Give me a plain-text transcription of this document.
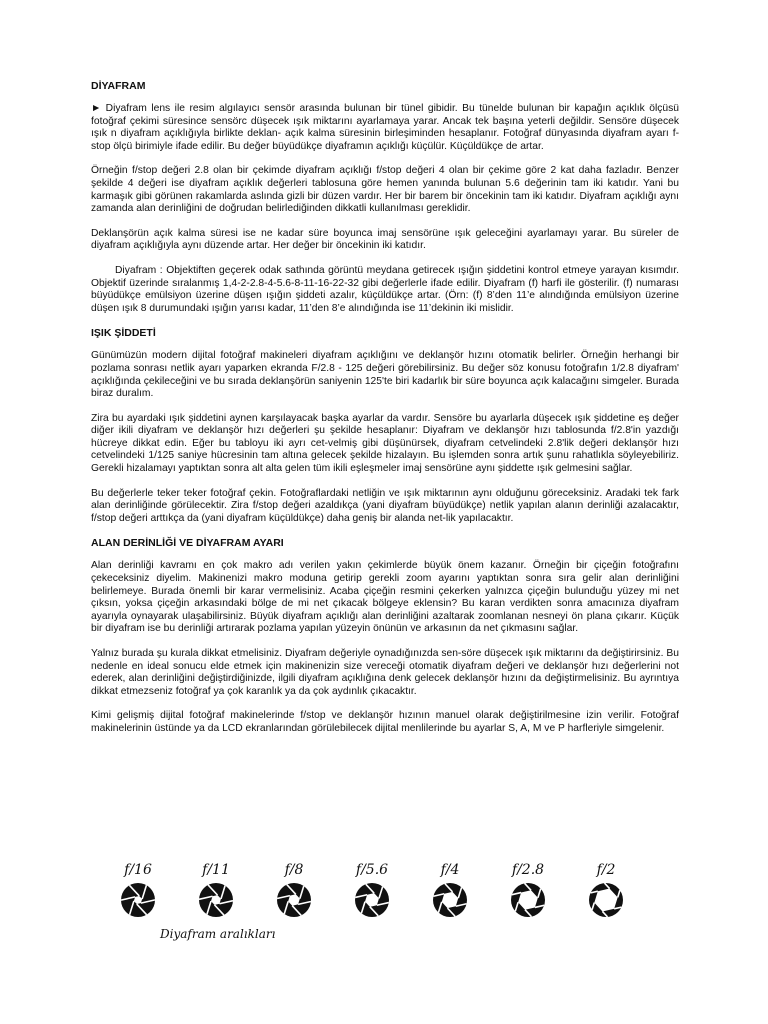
DİYAFRAM

► Diyafram lens ile resim algılayıcı sensör arasında bulunan bir tünel gibidir. Bu tünelde bulunan bir kapağın açıklık ölçüsü fotoğraf çekimi süresince sensörc düşecek ışık miktarını ayarlamaya yarar. Ancak tek başına yeterli değildir. Sensöre düşecek ışık n diyafram açıklığıyla birlikte deklan- açık kalma süresinin birleşiminden hesaplanır. Fotoğraf dünyasında diyafram ayarı f-stop ölçü birimiyle ifade edilir. Bu değer büyüdükçe diyaframın açıklığı küçülür. Küçüldükçe de artar.

Örneğin f/stop değeri 2.8 olan bir çekimde diyafram açıklığı f/stop değeri 4 olan bir çekime göre 2 kat daha fazladır. Benzer şekilde 4 değeri ise diyafram açıklık değerleri tablosuna göre hemen yanında bulunan 5.6 değerinin tam iki katıdır. Yani bu karmaşık gibi görünen rakamlarda aslında gizli bir düzen vardır. Her bir barem bir öncekinin tam iki katıdır. Diyafram açıklığı aynı zamanda alan derinliğini de doğrudan belirlediğinden dikkatli kullanılması gereklidir.

Deklanşörün açık kalma süresi ise ne kadar süre boyunca imaj sensörüne ışık geleceğini ayarlamayı yarar. Bu süreler de diyafram açıklığıyla aynı düzende artar. Her değer bir öncekinin iki katıdır.

Diyafram : Objektiften geçerek odak sathında görüntü meydana getirecek ışığın şiddetini kontrol etmeye yarayan kısımdır. Objektif üzerinde sıralanmış 1,4-2-2.8-4-5.6-8-11-16-22-32 gibi değerlerle ifade edilir. Diyafram (f) harfi ile gösterilir. (f) numarası büyüdükçe emülsiyon üzerine düşen ışığın şiddeti azalır, küçüldükçe artar. (Örn: (f) 8’den 11’e alındığında emülsiyon üzerine düşen ışık 8 durumundaki ışığın yarısı kadar, 11’den 8’e alındığında ise 11’dekinin iki mislidir.

IŞIK ŞİDDETİ

Günümüzün modern dijital fotoğraf makineleri diyafram açıklığını ve deklanşör hızını otomatik belirler. Örneğin herhangi bir pozlama sonrası netlik ayarı yaparken ekranda F/2.8 - 125 değeri görebilirsiniz. Bu değer söz konusu fotoğrafın 1/2.8 diyafram' açıklığında çekileceğini ve bu sırada deklanşörün saniyenin 125'te biri kadarlık bir süre boyunca açık kalacağını simgeler. Burada biraz duralım.

Zira bu ayardaki ışık şiddetini aynen karşılayacak başka ayarlar da vardır. Sensöre bu ayarlarla düşecek ışık şiddetine eş değer diğer ikili diyafram ve deklanşör hızı değerleri şu şekilde hesaplanır: Diyafram ve deklanşör hızı tablosunda f/2.8'in yazdığı hücreye dikkat edin. Eğer bu tabloyu iki ayrı cet-velmiş gibi düşünürsek, diyafram cetvelindeki 2.8'lik değeri deklanşör hızı cetvelindeki 1/125 saniye hücresinin tam altına gelecek şekilde hizalayın. Bu işlemden sonra artık şunu rahatlıkla söyleyebiliriz. Gerekli hizalamayı yaptıktan sonra alt alta gelen tüm ikili eşleşmeler imaj sensörüne aynı şiddette ışık gelmesini sağlar.

Bu değerlerle teker teker fotoğraf çekin. Fotoğraflardaki netliğin ve ışık miktarının aynı olduğunu göreceksiniz. Aradaki tek fark alan derinliğinde görülecektir. Zira f/stop değeri azaldıkça (yani diyafram büyüdükçe) netlik yapılan alanın derinliği azalacaktır, f/stop değeri arttıkça da (yani diyafram küçüldükçe) daha geniş bir alanda net-lik yapılacaktır.

ALAN DERİNLİĞİ VE DİYAFRAM AYARI

Alan derinliği kavramı en çok makro adı verilen yakın çekimlerde büyük önem kazanır. Örneğin bir çiçeğin fotoğrafını çekeceksiniz diyelim. Makinenizi makro moduna getirip gerekli zoom ayarını yaptıktan sonra sıra gelir alan derinliğini belirlemeye. Burada önemli bir karar vermelisiniz. Acaba çiçeğin resmini çekerken yalnızca çiçeğin bulunduğu yüzey mi net çıksın, yoksa çiçeğin arkasındaki bölge de mi net çıkacak bölgeye eklensin? Bu karan verdikten sonra amacınıza diyafram ayarıyla oynayarak ulaşabilirsiniz. Büyük diyafram açıklığı alan derinliğini azaltarak zoomlanan nesneyi ön plana çıkarır. Küçük bir diyafram ise bu derinliği artırarak pozlama yapılan yüzeyin önünün ve arkasının da net çıkmasını sağlar.

Yalnız burada şu kurala dikkat etmelisiniz. Diyafram değeriyle oynadığınızda sen-söre düşecek ışık miktarını da değiştirirsiniz. Bu nedenle en ideal sonucu elde etmek için makinenizin size vereceği otomatik diyafram değeri ve deklanşör hızı değerlerini not ederek, alan derinliğini değiştirdiğinizde, ilgili diyafram açıklığına denk gelecek deklanşör hızını da değiştirmelisiniz. Bu ayrıntıya dikkat etmezseniz fotoğraf ya çok karanlık ya da çok aydınlık çıkacaktır.

Kimi gelişmiş dijital fotoğraf makinelerinde f/stop ve deklanşör hızının manuel olarak değiştirilmesine izin verilir. Fotoğraf makinelerinin üstünde ya da LCD ekranlarından görülebilecek dijital menlilerinde bu ayarlar S, A, M ve P harfleriyle simgelenir.

Diyafram aralıkları
f/16	f/11	f/8	f/5.6	f/4	f/2.8	f/2
